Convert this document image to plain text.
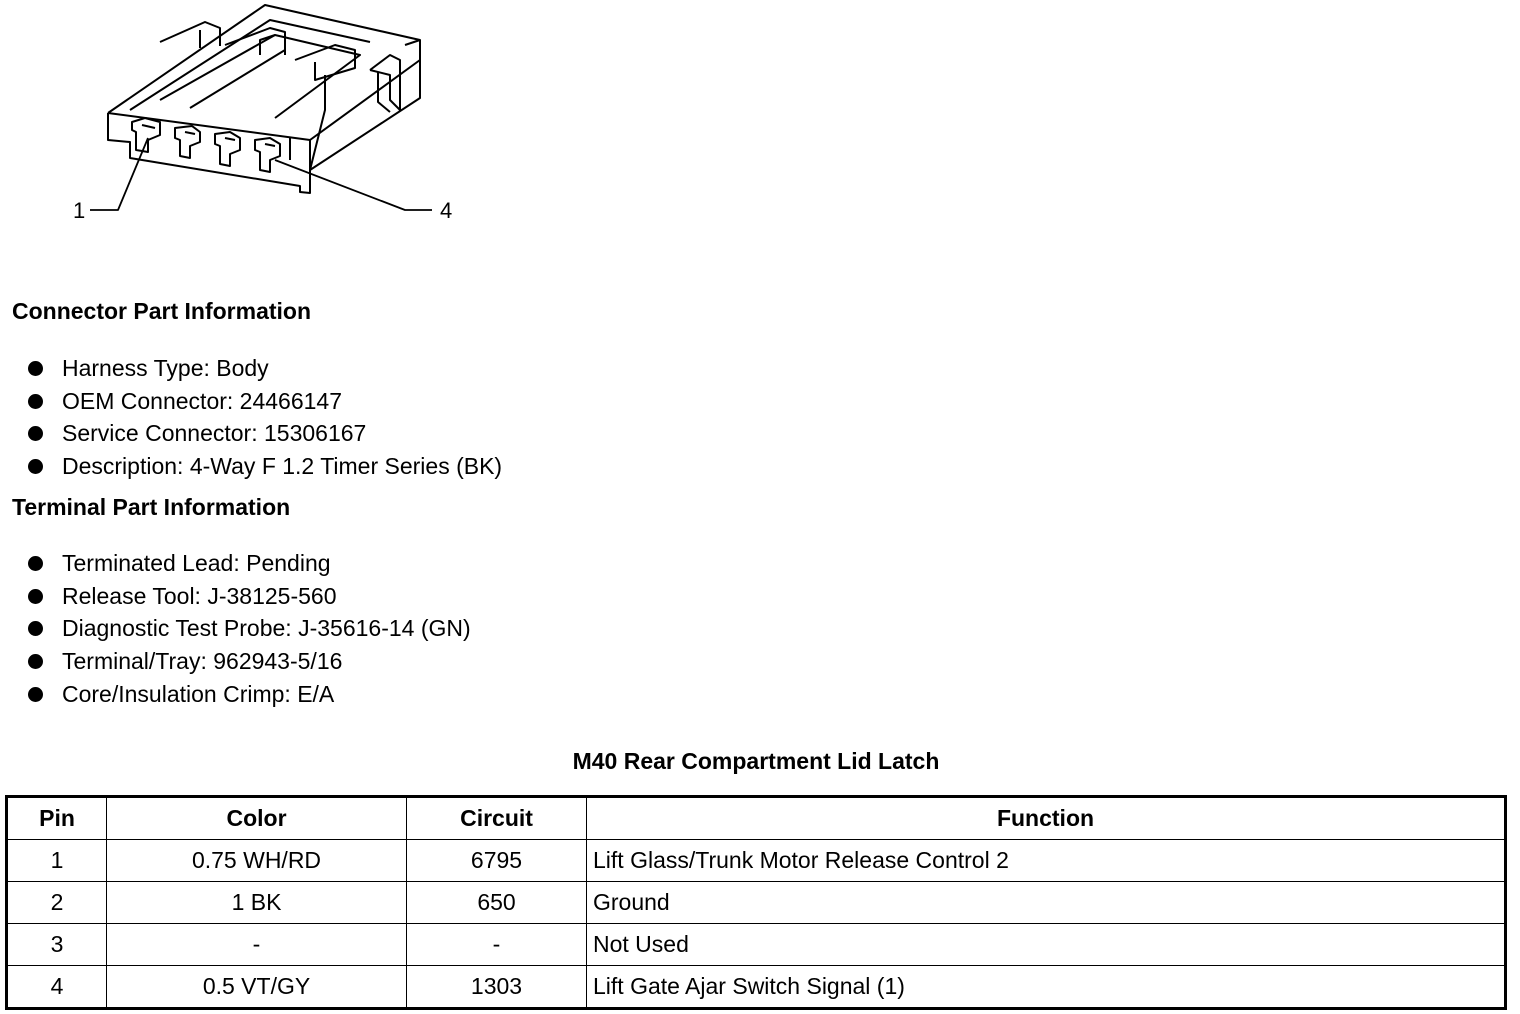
1	4
Connector Part Information
Harness Type: Body
OEM Connector: 24466147
Service Connector: 15306167
Description: 4-Way F 1.2 Timer Series (BK)
Terminal Part Information
Terminated Lead: Pending
Release Tool: J-38125-560
Diagnostic Test Probe: J-35616-14 (GN)
Terminal/Tray: 962943-5/16
Core/Insulation Crimp: E/A
M40 Rear Compartment Lid Latch
Pin	Color	Circuit	Function
1	0.75 WH/RD	6795	Lift Glass/Trunk Motor Release Control 2
2	1 BK	650	Ground
3	-	-	Not Used
4	0.5 VT/GY	1303	Lift Gate Ajar Switch Signal (1)
